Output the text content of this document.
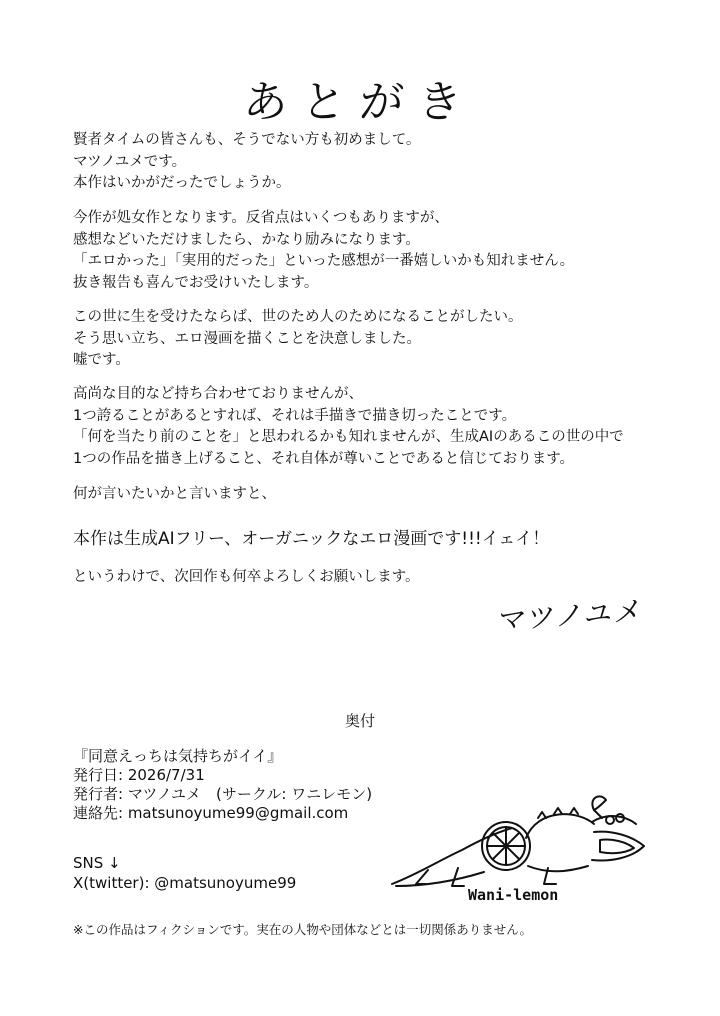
あとがき
賢者タイムの皆さんも、そうでない方も初めまして。
マツノユメです。
本作はいかがだったでしょうか。
今作が処女作となります。反省点はいくつもありますが、
感想などいただけましたら、かなり励みになります。
「エロかった」「実用的だった」といった感想が一番嬉しいかも知れません。
抜き報告も喜んでお受けいたします。
この世に生を受けたならば、世のため人のためになることがしたい。
そう思い立ち、エロ漫画を描くことを決意しました。
嘘です。
高尚な目的など持ち合わせておりませんが、
1つ誇ることがあるとすれば、それは手描きで描き切ったことです。
「何を当たり前のことを」と思われるかも知れませんが、生成AIのあるこの世の中で
1つの作品を描き上げること、それ自体が尊いことであると信じております。
何が言いたいかと言いますと、
本作は生成AIフリー、オーガニックなエロ漫画です!!!イェイ！
というわけで、次回作も何卒よろしくお願いします。
マツノユメ
奥付
『同意えっちは気持ちがイイ』
発行日: 2026/7/31
発行者: マツノユメ　(サークル: ワニレモン)
連絡先: matsunoyume99@gmail.com
SNS ↓
X(twitter): @matsunoyume99
※この作品はフィクションです。実在の人物や団体などとは一切関係ありません。
Wani-lemon
